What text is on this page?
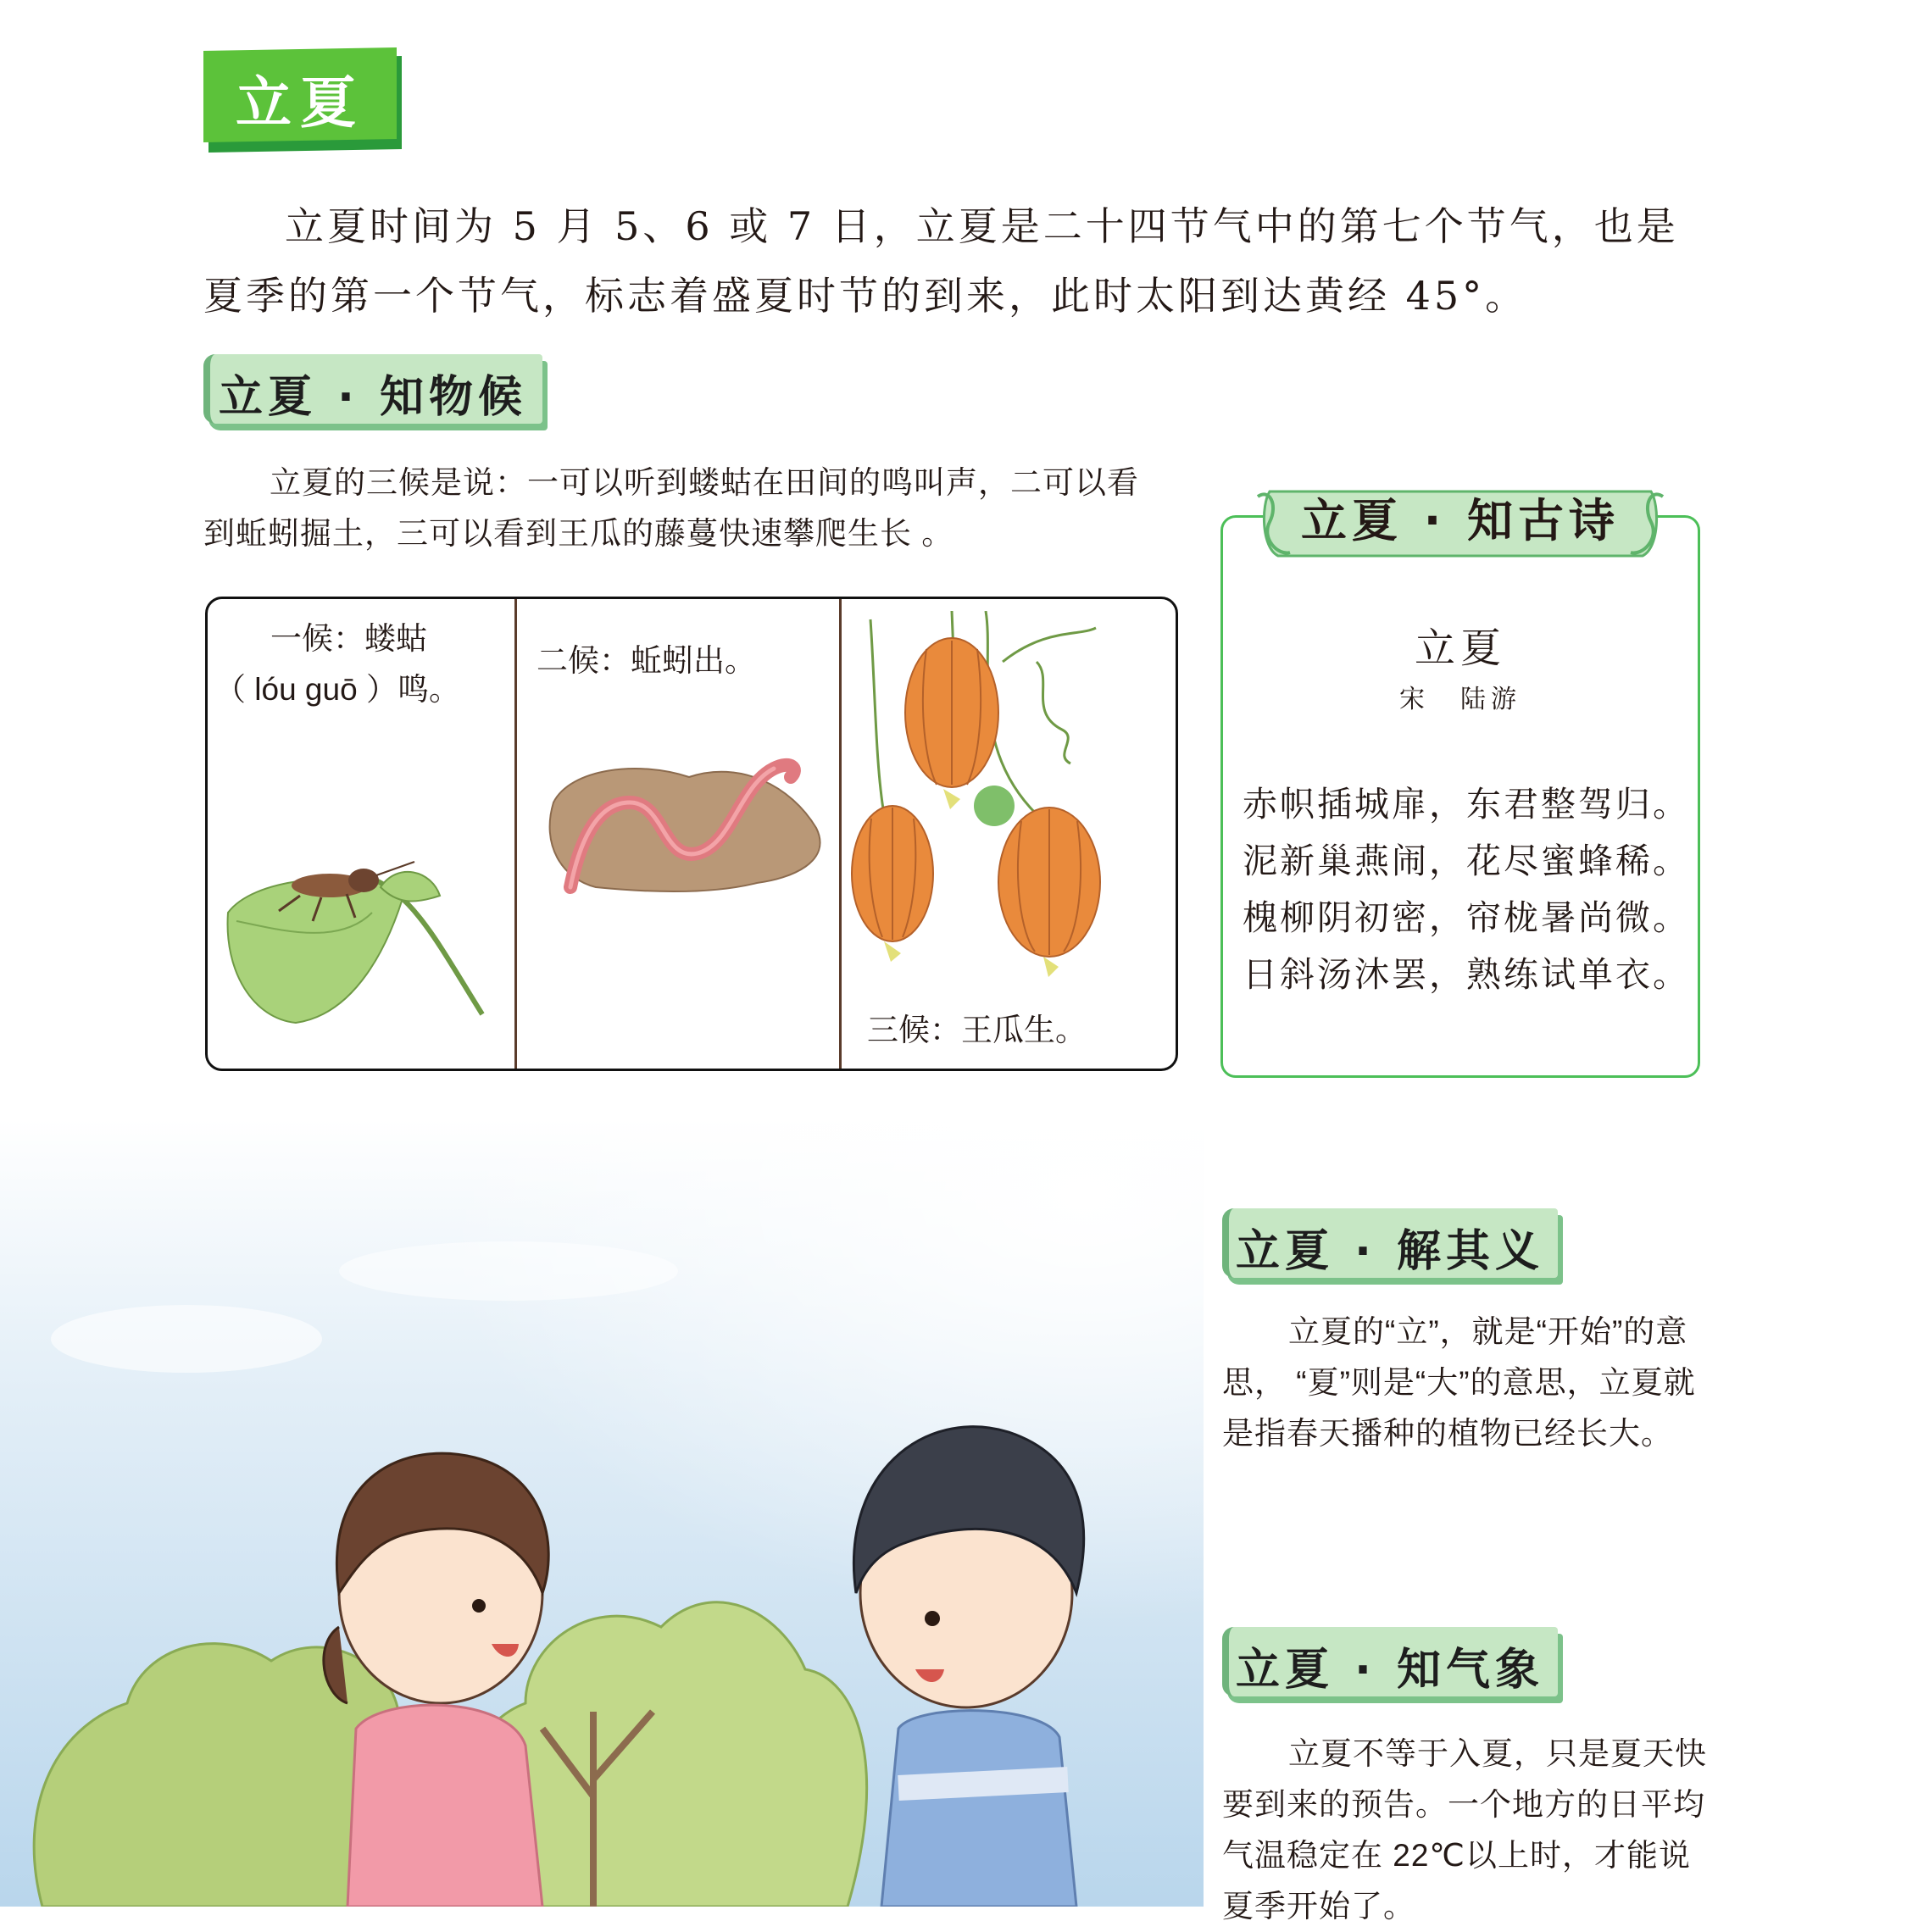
立夏

立夏时间为 5 月 5、6 或 7 日，立夏是二十四节气中的第七个节气，也是夏季的第一个节气，标志着盛夏时节的到来，此时太阳到达黄经 45°。

立夏 · 知物候

立夏的三候是说：一可以听到蝼蛄在田间的鸣叫声，二可以看到蚯蚓掘土，三可以看到王瓜的藤蔓快速攀爬生长 。

一候：蝼蛄
（ lóu guō ）鸣。
二候：蚯蚓出。
三候：王瓜生。
立夏 · 知古诗
立夏
宋　陆游
赤帜插城扉，东君整驾归。
泥新巢燕闹，花尽蜜蜂稀。
槐柳阴初密，帘栊暑尚微。
日斜汤沐罢，熟练试单衣。
立夏 · 解其义

立夏的“立”，就是“开始”的意思， “夏”则是“大”的意思，立夏就是指春天播种的植物已经长大。

立夏 · 知气象

立夏不等于入夏，只是夏天快要到来的预告。一个地方的日平均气温稳定在 22℃以上时，才能说夏季开始了。
